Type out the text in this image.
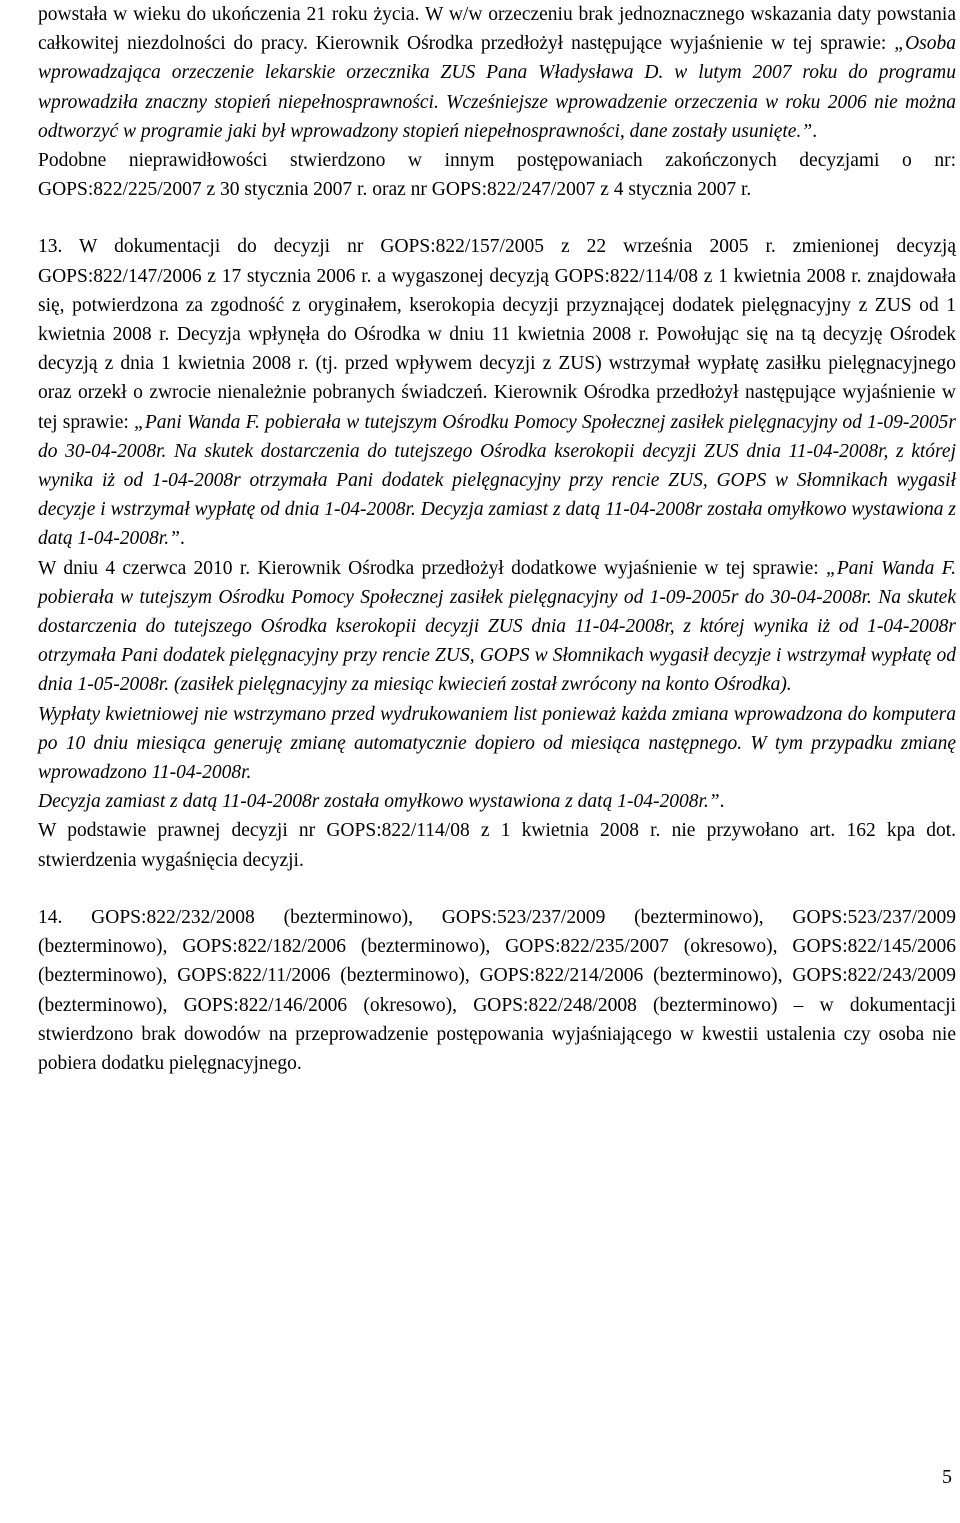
powstała w wieku do ukończenia 21 roku życia. W w/w orzeczeniu brak jednoznacznego wskazania daty powstania całkowitej niezdolności do pracy. Kierownik Ośrodka przedłożył następujące wyjaśnienie w tej sprawie: „Osoba wprowadzająca orzeczenie lekarskie orzecznika ZUS Pana Władysława D. w lutym 2007 roku do programu wprowadziła znaczny stopień niepełnosprawności. Wcześniejsze wprowadzenie orzeczenia w roku 2006 nie można odtworzyć w programie jaki był wprowadzony stopień niepełnosprawności, dane zostały usunięte.”.
Podobne nieprawidłowości stwierdzono w innym postępowaniach zakończonych decyzjami o nr: GOPS:822/225/2007 z 30 stycznia 2007 r. oraz nr GOPS:822/247/2007 z 4 stycznia 2007 r.

13. W dokumentacji do decyzji nr GOPS:822/157/2005 z 22 września 2005 r. zmienionej decyzją GOPS:822/147/2006 z 17 stycznia 2006 r. a wygaszonej decyzją GOPS:822/114/08 z 1 kwietnia 2008 r. znajdowała się, potwierdzona za zgodność z oryginałem, kserokopia decyzji przyznającej dodatek pielęgnacyjny z ZUS od 1 kwietnia 2008 r. Decyzja wpłynęła do Ośrodka w dniu 11 kwietnia 2008 r. Powołując się na tą decyzję Ośrodek decyzją z dnia 1 kwietnia 2008 r. (tj. przed wpływem decyzji z ZUS) wstrzymał wypłatę zasiłku pielęgnacyjnego oraz orzekł o zwrocie nienależnie pobranych świadczeń. Kierownik Ośrodka przedłożył następujące wyjaśnienie w tej sprawie: „Pani Wanda F. pobierała w tutejszym Ośrodku Pomocy Społecznej zasiłek pielęgnacyjny od 1-09-2005r do 30-04-2008r. Na skutek dostarczenia do tutejszego Ośrodka kserokopii decyzji ZUS dnia 11-04-2008r, z której wynika iż od 1-04-2008r otrzymała Pani dodatek pielęgnacyjny przy rencie ZUS, GOPS w Słomnikach wygasił decyzje i wstrzymał wypłatę od dnia 1-04-2008r. Decyzja zamiast z datą 11-04-2008r została omyłkowo wystawiona z datą 1-04-2008r.”.
W dniu 4 czerwca 2010 r. Kierownik Ośrodka przedłożył dodatkowe wyjaśnienie w tej sprawie: „Pani Wanda F. pobierała w tutejszym Ośrodku Pomocy Społecznej zasiłek pielęgnacyjny od 1-09-2005r do 30-04-2008r. Na skutek dostarczenia do tutejszego Ośrodka kserokopii decyzji ZUS dnia 11-04-2008r, z której wynika iż od 1-04-2008r otrzymała Pani dodatek pielęgnacyjny przy rencie ZUS, GOPS w Słomnikach wygasił decyzje i wstrzymał wypłatę od dnia 1-05-2008r. (zasiłek pielęgnacyjny za miesiąc kwiecień został zwrócony na konto Ośrodka).
Wypłaty kwietniowej nie wstrzymano przed wydrukowaniem list ponieważ każda zmiana wprowadzona do komputera po 10 dniu miesiąca generuję zmianę automatycznie dopiero od miesiąca następnego. W tym przypadku zmianę wprowadzono 11-04-2008r.
Decyzja zamiast z datą 11-04-2008r została omyłkowo wystawiona z datą 1-04-2008r.”.
W podstawie prawnej decyzji nr GOPS:822/114/08 z 1 kwietnia 2008 r. nie przywołano art. 162 kpa dot. stwierdzenia wygaśnięcia decyzji.

14. GOPS:822/232/2008 (bezterminowo), GOPS:523/237/2009 (bezterminowo), GOPS:523/237/2009 (bezterminowo), GOPS:822/182/2006 (bezterminowo), GOPS:822/235/2007 (okresowo), GOPS:822/145/2006 (bezterminowo), GOPS:822/11/2006 (bezterminowo), GOPS:822/214/2006 (bezterminowo), GOPS:822/243/2009 (bezterminowo), GOPS:822/146/2006 (okresowo), GOPS:822/248/2008 (bezterminowo) – w dokumentacji stwierdzono brak dowodów na przeprowadzenie postępowania wyjaśniającego w kwestii ustalenia czy osoba nie pobiera dodatku pielęgnacyjnego.

5
